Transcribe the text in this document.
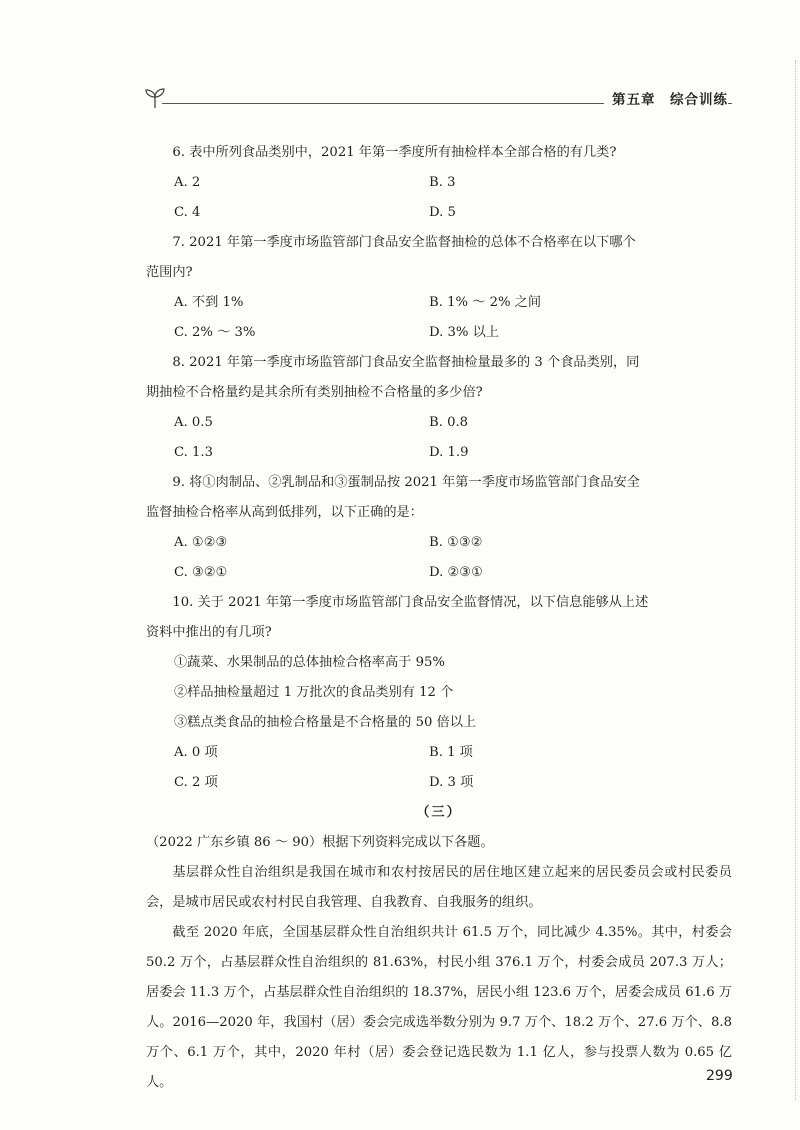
第五章　综合训练
6. 表中所列食品类别中，2021 年第一季度所有抽检样本全部合格的有几类?
A. 2	B. 3
C. 4	D. 5
7. 2021 年第一季度市场监管部门食品安全监督抽检的总体不合格率在以下哪个
范围内?
A. 不到 1%	B. 1% ～ 2% 之间
C. 2% ～ 3%	D. 3% 以上
8. 2021 年第一季度市场监管部门食品安全监督抽检量最多的 3 个食品类别，同
期抽检不合格量约是其余所有类别抽检不合格量的多少倍?
A. 0.5	B. 0.8
C. 1.3	D. 1.9
9. 将①肉制品、②乳制品和③蛋制品按 2021 年第一季度市场监管部门食品安全
监督抽检合格率从高到低排列，以下正确的是：
A. ①②③	B. ①③②
C. ③②①	D. ②③①
10. 关于 2021 年第一季度市场监管部门食品安全监督情况，以下信息能够从上述
资料中推出的有几项?
①蔬菜、水果制品的总体抽检合格率高于 95%
②样品抽检量超过 1 万批次的食品类别有 12 个
③糕点类食品的抽检合格量是不合格量的 50 倍以上
A. 0 项	B. 1 项
C. 2 项	D. 3 项
（三）
（2022 广东乡镇 86 ～ 90）根据下列资料完成以下各题。
基层群众性自治组织是我国在城市和农村按居民的居住地区建立起来的居民委员会或村民委员会，是城市居民或农村村民自我管理、自我教育、自我服务的组织。
截至 2020 年底，全国基层群众性自治组织共计 61.5 万个，同比减少 4.35%。其中，村委会 50.2 万个，占基层群众性自治组织的 81.63%，村民小组 376.1 万个，村委会成员 207.3 万人；居委会 11.3 万个，占基层群众性自治组织的 18.37%，居民小组 123.6 万个，居委会成员 61.6 万人。2016—2020 年，我国村（居）委会完成选举数分别为 9.7 万个、18.2 万个、27.6 万个、8.8 万个、6.1 万个，其中，2020 年村（居）委会登记选民数为 1.1 亿人，参与投票人数为 0.65 亿人。	299
